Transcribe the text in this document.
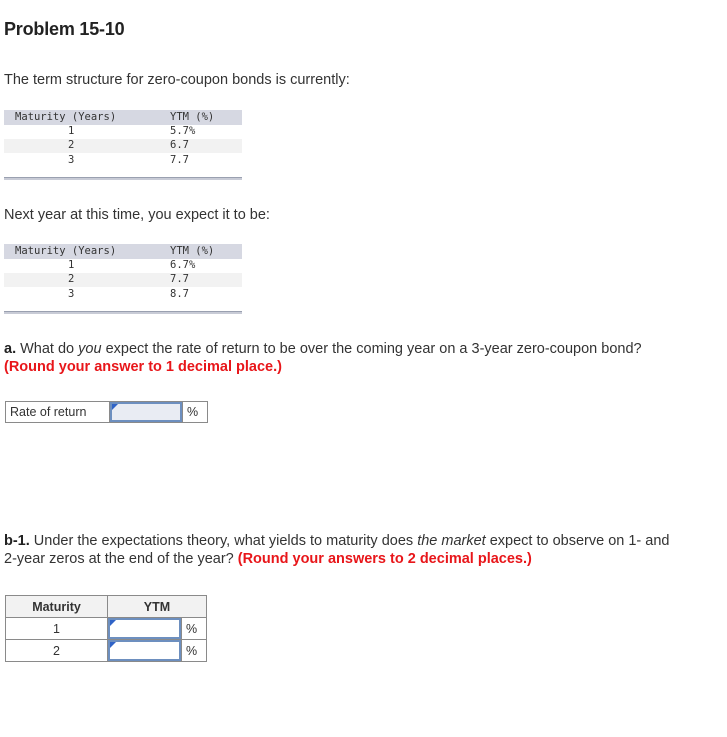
Problem 15-10
The term structure for zero-coupon bonds is currently:
Maturity (Years)	YTM (%)
1	5.7%
2	6.7
3	7.7
Next year at this time, you expect it to be:
Maturity (Years)	YTM (%)
1	6.7%
2	7.7
3	8.7
a. What do you expect the rate of return to be over the coming year on a 3-year zero-coupon bond?
(Round your answer to 1 decimal place.)
Rate of return		%
b-1. Under the expectations theory, what yields to maturity does the market expect to observe on 1- and
2-year zeros at the end of the year? (Round your answers to 2 decimal places.)
Maturity	YTM	
1		%
2		%
